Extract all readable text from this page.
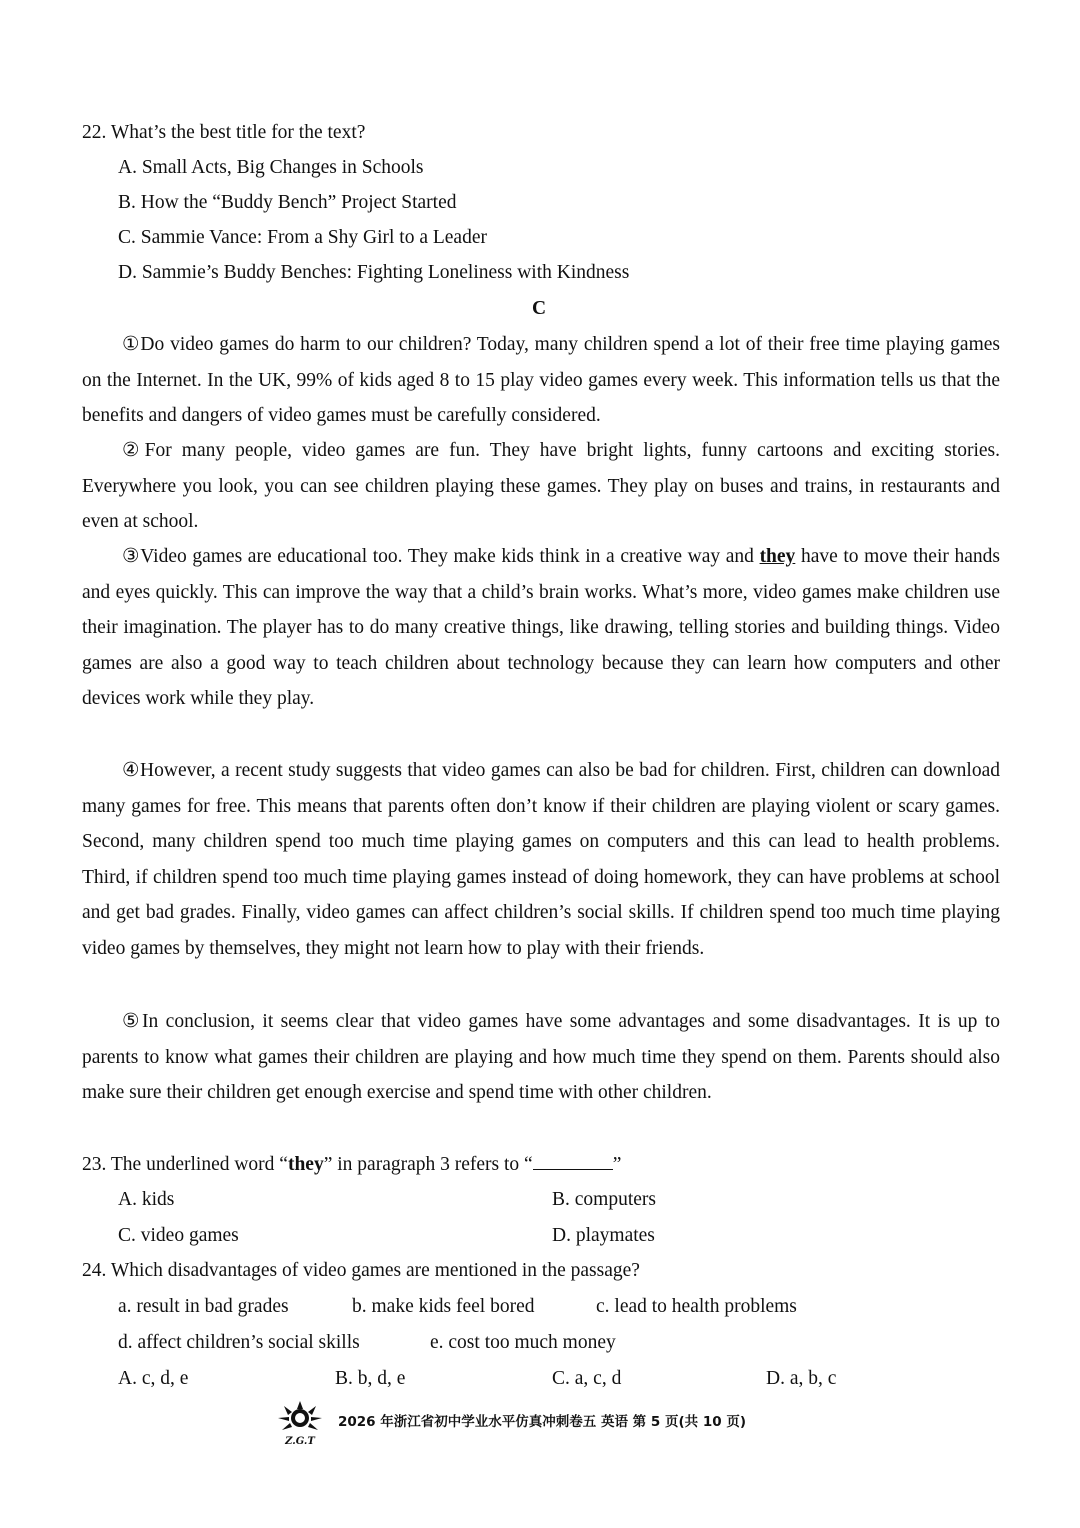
22. What’s the best title for the text?
A. Small Acts, Big Changes in Schools
B. How the “Buddy Bench” Project Started
C. Sammie Vance: From a Shy Girl to a Leader
D. Sammie’s Buddy Benches: Fighting Loneliness with Kindness
C
①Do video games do harm to our children? Today, many children spend a lot of their free time playing games on the Internet. In the UK, 99% of kids aged 8 to 15 play video games every week. This information tells us that the benefits and dangers of video games must be carefully considered.
②For many people, video games are fun. They have bright lights, funny cartoons and exciting stories. Everywhere you look, you can see children playing these games. They play on buses and trains, in restaurants and even at school.
③Video games are educational too. They make kids think in a creative way and they have to move their hands and eyes quickly. This can improve the way that a child’s brain works. What’s more, video games make children use their imagination. The player has to do many creative things, like drawing, telling stories and building things. Video games are also a good way to teach children about technology because they can learn how computers and other devices work while they play.
④However, a recent study suggests that video games can also be bad for children. First, children can download many games for free. This means that parents often don’t know if their children are playing violent or scary games. Second, many children spend too much time playing games on computers and this can lead to health problems. Third, if children spend too much time playing games instead of doing homework, they can have problems at school and get bad grades. Finally, video games can affect children’s social skills. If children spend too much time playing video games by themselves, they might not learn how to play with their friends.
⑤In conclusion, it seems clear that video games have some advantages and some disadvantages. It is up to parents to know what games their children are playing and how much time they spend on them. Parents should also make sure their children get enough exercise and spend time with other children.
23. The underlined word “they” in paragraph 3 refers to “	”
A. kids	B. computers
C. video games	D. playmates
24. Which disadvantages of video games are mentioned in the passage?
a. result in bad grades	b. make kids feel bored	c. lead to health problems
d. affect children’s social skills	e. cost too much money
A. c, d, e	B. b, d, e	C. a, c, d	D. a, b, c
Z.G.T
2026 年浙江省初中学业水平仿真冲刺卷五 英语 第 5 页(共 10 页)
